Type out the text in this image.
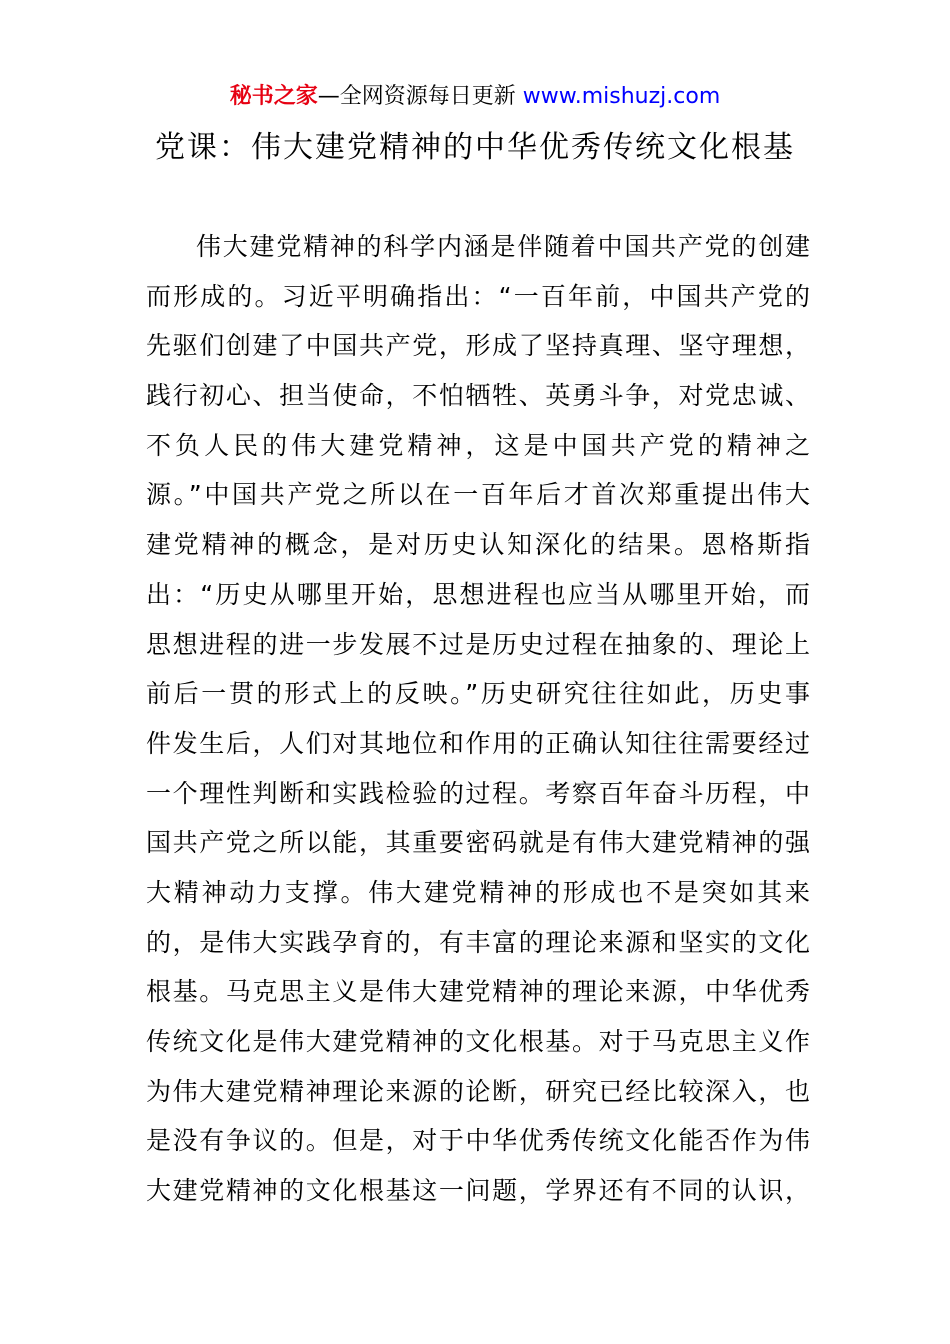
秘书之家—全网资源每日更新 www.mishuzj.com
党课：伟大建党精神的中华优秀传统文化根基
伟大建党精神的科学内涵是伴随着中国共产党的创建
而形成的。习近平明确指出：“一百年前，中国共产党的
先驱们创建了中国共产党，形成了坚持真理、坚守理想，
践行初心、担当使命，不怕牺牲、英勇斗争，对党忠诚、
不负人民的伟大建党精神，这是中国共产党的精神之
源。”中国共产党之所以在一百年后才首次郑重提出伟大
建党精神的概念，是对历史认知深化的结果。恩格斯指
出：“历史从哪里开始，思想进程也应当从哪里开始，而
思想进程的进一步发展不过是历史过程在抽象的、理论上
前后一贯的形式上的反映。”历史研究往往如此，历史事
件发生后，人们对其地位和作用的正确认知往往需要经过
一个理性判断和实践检验的过程。考察百年奋斗历程，中
国共产党之所以能，其重要密码就是有伟大建党精神的强
大精神动力支撑。伟大建党精神的形成也不是突如其来
的，是伟大实践孕育的，有丰富的理论来源和坚实的文化
根基。马克思主义是伟大建党精神的理论来源，中华优秀
传统文化是伟大建党精神的文化根基。对于马克思主义作
为伟大建党精神理论来源的论断，研究已经比较深入，也
是没有争议的。但是，对于中华优秀传统文化能否作为伟
大建党精神的文化根基这一问题，学界还有不同的认识，
